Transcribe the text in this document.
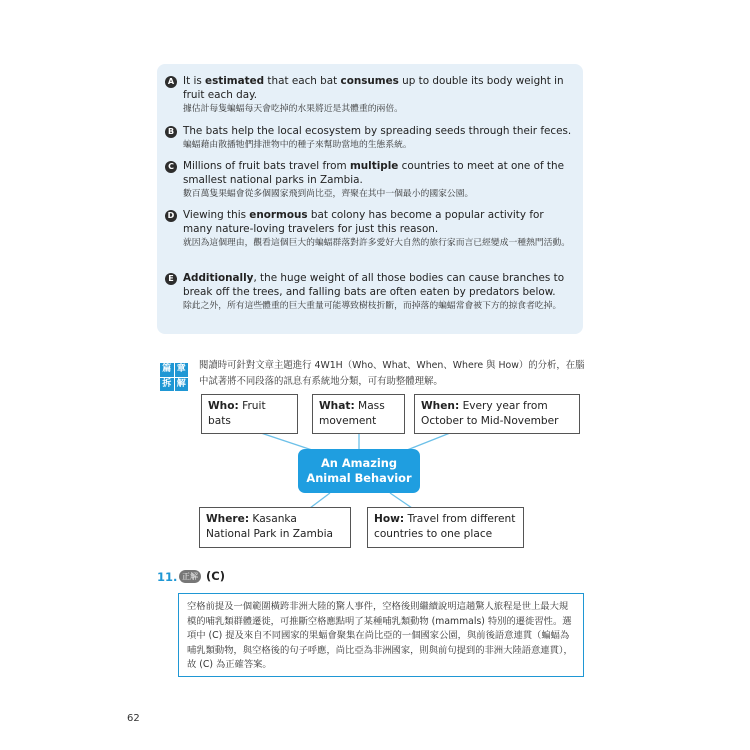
A It is estimated that each bat consumes up to double its body weight in fruit each day.
據估計每隻蝙蝠每天會吃掉的水果將近是其體重的兩倍。
B The bats help the local ecosystem by spreading seeds through their feces.
蝙蝠藉由散播牠們排泄物中的種子來幫助當地的生態系統。
C Millions of fruit bats travel from multiple countries to meet at one of the smallest national parks in Zambia.
數百萬隻果蝠會從多個國家飛到尚比亞，齊聚在其中一個最小的國家公園。
D Viewing this enormous bat colony has become a popular activity for many nature-loving travelers for just this reason.
就因為這個理由，觀看這個巨大的蝙蝠群落對許多愛好大自然的旅行家而言已經變成一種熱門活動。
E Additionally, the huge weight of all those bodies can cause branches to break off the trees, and falling bats are often eaten by predators below.
除此之外，所有這些體重的巨大重量可能導致樹枝折斷，而掉落的蝙蝠常會被下方的掠食者吃掉。
篇 章
拆 解
閱讀時可針對文章主題進行 4W1H（Who、What、When、Where 與 How）的分析，在腦中試著將不同段落的訊息有系統地分類，可有助整體理解。
Who: Fruit bats
What: Mass movement
When: Every year from October to Mid-November
An Amazing Animal Behavior
Where: Kasanka National Park in Zambia
How: Travel from different countries to one place
11. 正解 (C)
空格前提及一個範圍橫跨非洲大陸的驚人事件，空格後則繼續說明這趟驚人旅程是世上最大規模的哺乳類群體遷徙，可推斷空格應點明了某種哺乳類動物 (mammals) 特別的遷徙習性。選項中 (C) 提及來自不同國家的果蝠會聚集在尚比亞的一個國家公園，與前後語意連貫（蝙蝠為哺乳類動物，與空格後的句子呼應，尚比亞為非洲國家，則與前句提到的非洲大陸語意連貫），故 (C) 為正確答案。
62
